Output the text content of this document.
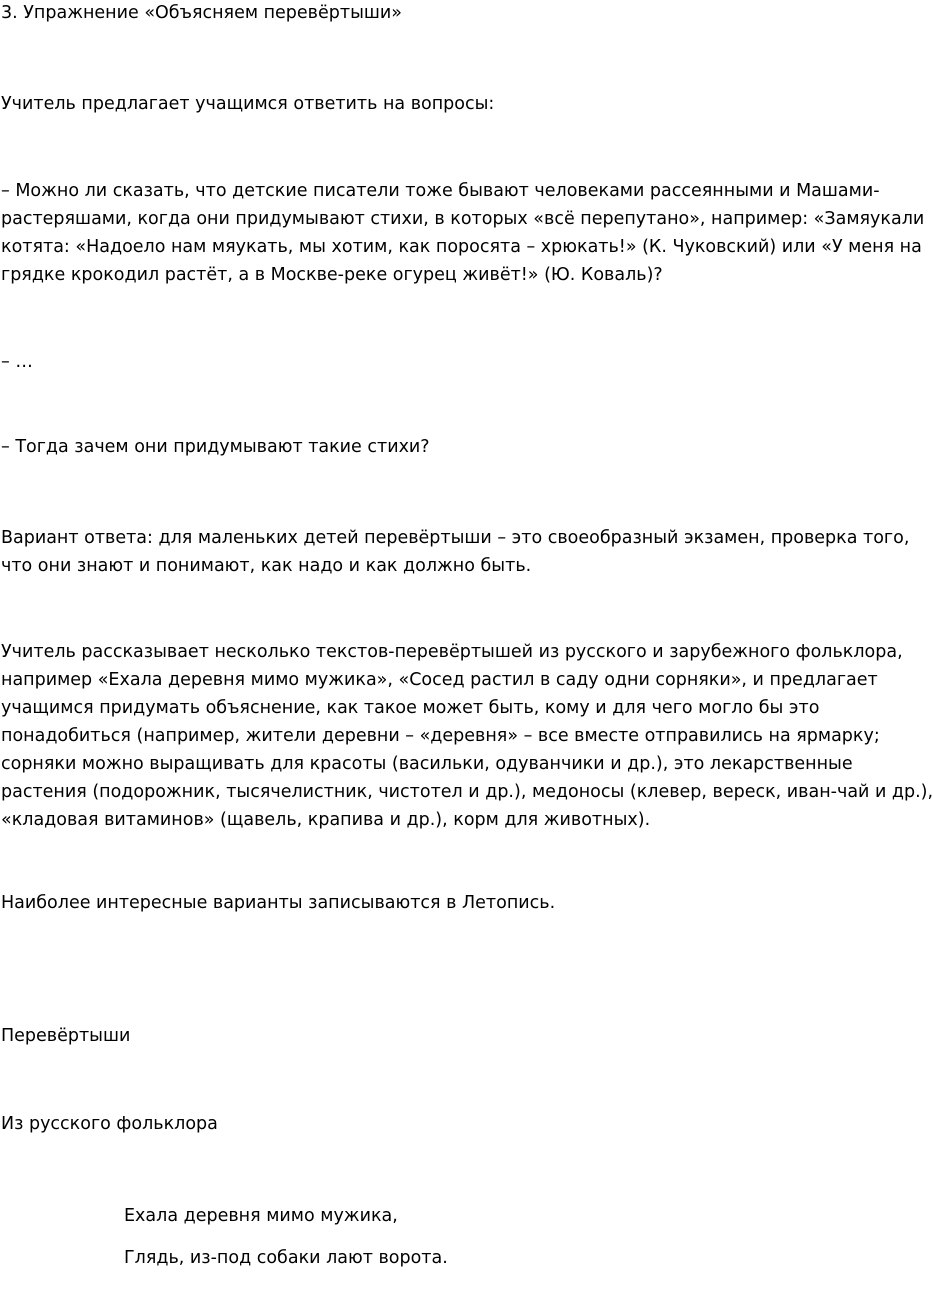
3. Упражнение «Объясняем перевёртыши»

Учитель предлагает учащимся ответить на вопросы:

– Можно ли сказать, что детские писатели тоже бывают человеками рассеянными и Машами-
растеряшами, когда они придумывают стихи, в которых «всё перепутано», например: «Замяукали
котята: «Надоело нам мяукать, мы хотим, как поросята – хрюкать!» (К. Чуковский) или «У меня на
грядке крокодил растёт, а в Москве-реке огурец живёт!» (Ю. Коваль)?

– …

– Тогда зачем они придумывают такие стихи?

Вариант ответа: для маленьких детей перевёртыши – это своеобразный экзамен, проверка того,
что они знают и понимают, как надо и как должно быть.

Учитель рассказывает несколько текстов-перевёртышей из русского и зарубежного фольклора,
например «Ехала деревня мимо мужика», «Сосед растил в саду одни сорняки», и предлагает
учащимся придумать объяснение, как такое может быть, кому и для чего могло бы это
понадобиться (например, жители деревни – «деревня» – все вместе отправились на ярмарку;
сорняки можно выращивать для красоты (васильки, одуванчики и др.), это лекарственные
растения (подорожник, тысячелистник, чистотел и др.), медоносы (клевер, вереск, иван-чай и др.),
«кладовая витаминов» (щавель, крапива и др.), корм для животных).

Наиболее интересные варианты записываются в Летопись.

Перевёртыши

Из русского фольклора

Ехала деревня мимо мужика,

Глядь, из-под собаки лают ворота.
